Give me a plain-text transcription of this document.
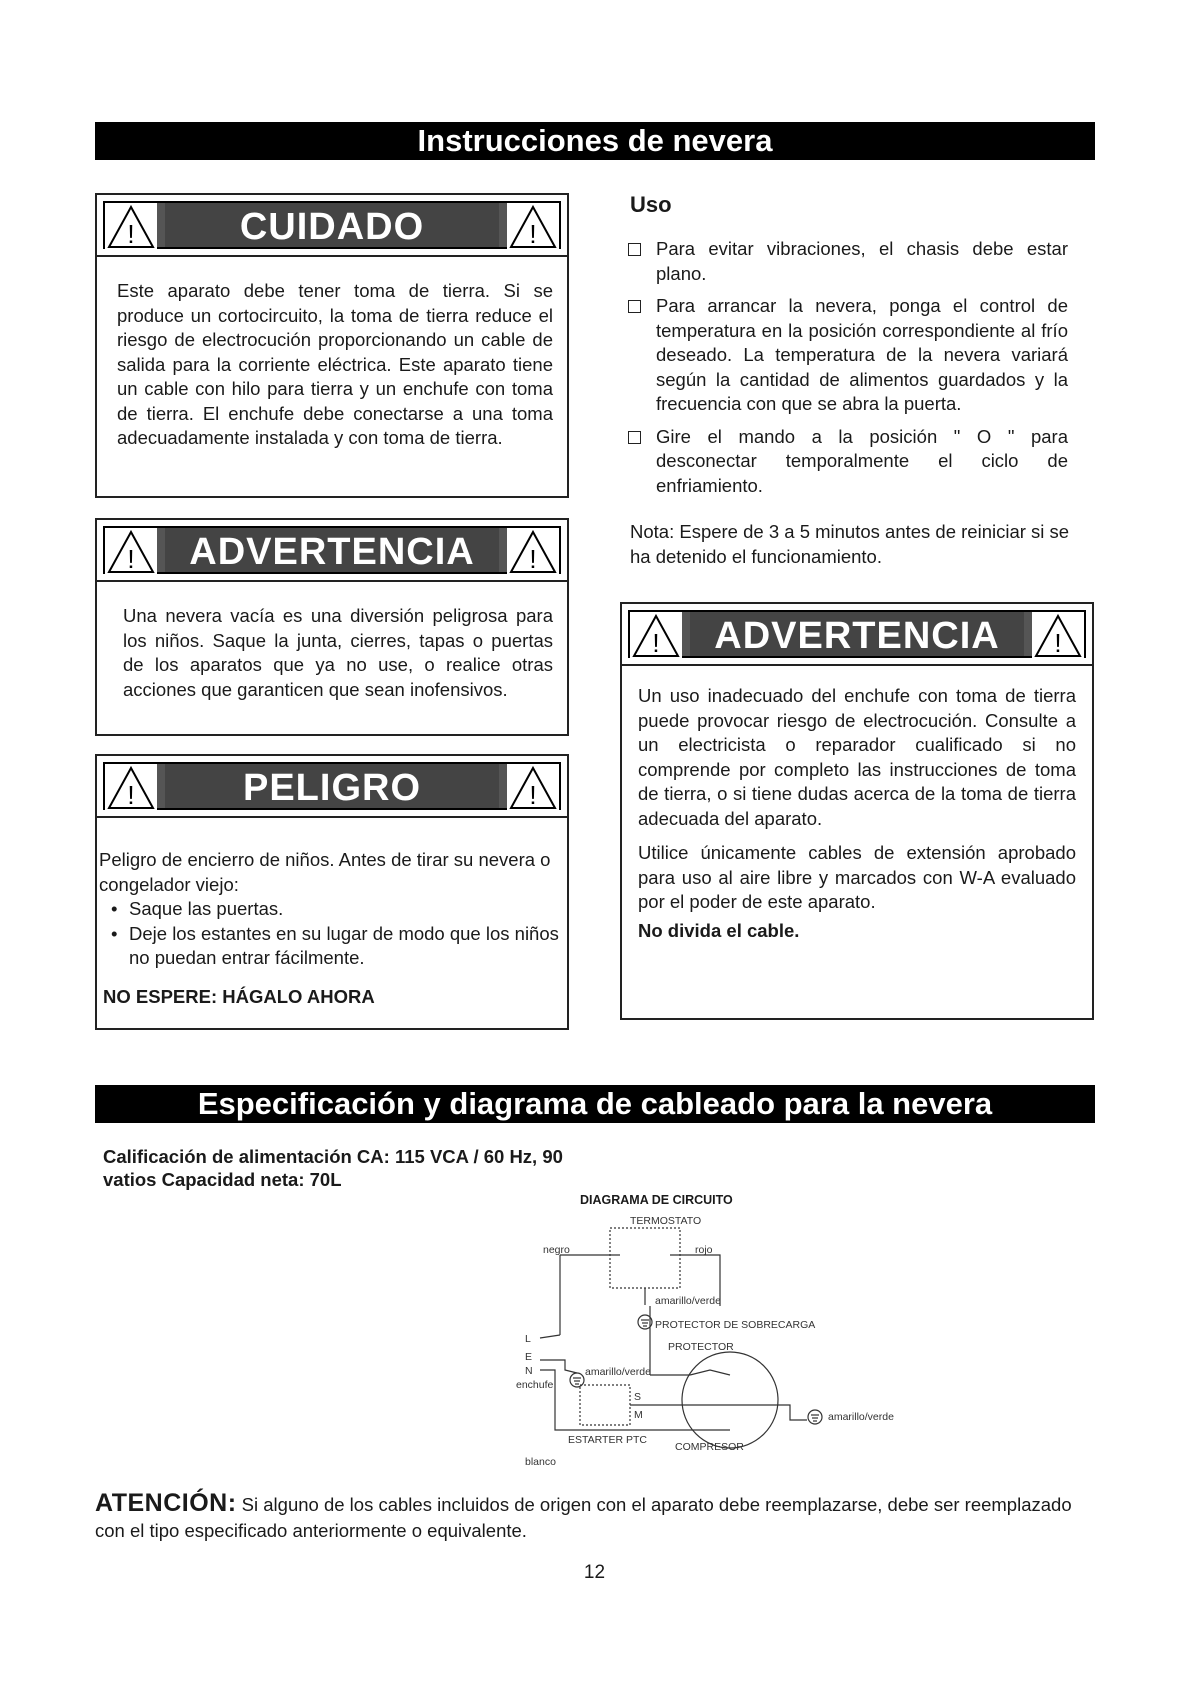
Instrucciones de nevera
!	CUIDADO	!
Este aparato debe tener toma de tierra. Si se produce un cortocircuito, la toma de tierra reduce el riesgo de electrocución proporcionando un cable de salida para la corriente eléctrica. Este aparato tiene un cable con hilo para tierra y un enchufe con toma de tierra. El enchufe debe conectarse a una toma adecuadamente instalada y con toma de tierra.
!	ADVERTENCIA	!
Una nevera vacía es una diversión peligrosa para los niños. Saque la junta, cierres, tapas o puertas de los aparatos que ya no use, o realice otras acciones que garanticen que sean inofensivos.
!	PELIGRO	!
Peligro de encierro de niños. Antes de tirar su nevera o congelador viejo:
• Saque las puertas.
• Deje los estantes en su lugar de modo que los niños no puedan entrar fácilmente.
NO ESPERE: HÁGALO AHORA
Uso
Para evitar vibraciones, el chasis debe estar plano.
Para arrancar la nevera, ponga el control de temperatura en la posición correspondiente al frío deseado. La temperatura de la nevera variará según la cantidad de alimentos guardados y la frecuencia con que se abra la puerta.
Gire el mando a la posición " O " para desconectar temporalmente el ciclo de enfriamiento.
Nota: Espere de 3 a 5 minutos antes de reiniciar si se ha detenido el funcionamiento.
!	ADVERTENCIA	!
Un uso inadecuado del enchufe con toma de tierra puede provocar riesgo de electrocución. Consulte a un electricista o reparador cualificado si no comprende por completo las instrucciones de toma de tierra, o si tiene dudas acerca de la toma de tierra adecuada del aparato.
Utilice únicamente cables de extensión aprobado para uso al aire libre y marcados con W-A evaluado por el poder de este aparato.
No divida el cable.
Especificación y diagrama de cableado para la nevera
Calificación de alimentación CA: 115 VCA / 60 Hz, 90 vatios Capacidad neta: 70L
DIAGRAMA DE CIRCUITO
TERMOSTATO
negro	rojo
amarillo/verde
PROTECTOR DE SOBRECARGA
PROTECTOR
amarillo/verde
amarillo/verde
L
E
N
enchufe
S
M
ESTARTER PTC
COMPRESOR
blanco
ATENCIÓN: Si alguno de los cables incluidos de origen con el aparato debe reemplazarse, debe ser reemplazado con el tipo especificado anteriormente o equivalente.
12
